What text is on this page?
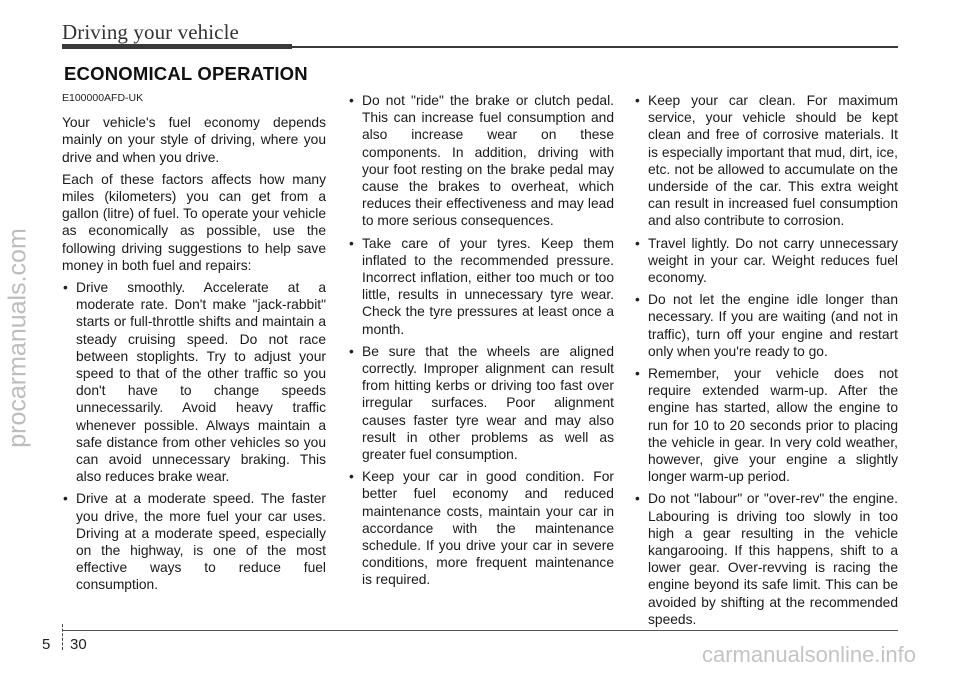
Driving your vehicle
ECONOMICAL OPERATION

E100000AFD-UK

Your vehicle's fuel economy depends mainly on your style of driving, where you drive and when you drive.

Each of these factors affects how many miles (kilometers) you can get from a gallon (litre) of fuel. To operate your vehicle as economically as possible, use the following driving suggestions to help save money in both fuel and repairs:

• Drive smoothly. Accelerate at a moderate rate. Don't make "jack-rabbit" starts or full-throttle shifts and maintain a steady cruising speed. Do not race between stoplights. Try to adjust your speed to that of the other traffic so you don't have to change speeds unnecessarily. Avoid heavy traffic whenever possible. Always maintain a safe distance from other vehicles so you can avoid unnecessary braking. This also reduces brake wear.
• Drive at a moderate speed. The faster you drive, the more fuel your car uses. Driving at a moderate speed, especially on the highway, is one of the most effective ways to reduce fuel consumption.
• Do not "ride" the brake or clutch pedal. This can increase fuel consumption and also increase wear on these components. In addition, driving with your foot resting on the brake pedal may cause the brakes to overheat, which reduces their effectiveness and may lead to more serious consequences.
• Take care of your tyres. Keep them inflated to the recommended pressure. Incorrect inflation, either too much or too little, results in unnecessary tyre wear. Check the tyre pressures at least once a month.
• Be sure that the wheels are aligned correctly. Improper alignment can result from hitting kerbs or driving too fast over irregular surfaces. Poor alignment causes faster tyre wear and may also result in other problems as well as greater fuel consumption.
• Keep your car in good condition. For better fuel economy and reduced maintenance costs, maintain your car in accordance with the maintenance schedule. If you drive your car in severe conditions, more frequent maintenance is required.
• Keep your car clean. For maximum service, your vehicle should be kept clean and free of corrosive materials. It is especially important that mud, dirt, ice, etc. not be allowed to accumulate on the underside of the car. This extra weight can result in increased fuel consumption and also contribute to corrosion.
• Travel lightly. Do not carry unnecessary weight in your car. Weight reduces fuel economy.
• Do not let the engine idle longer than necessary. If you are waiting (and not in traffic), turn off your engine and restart only when you're ready to go.
• Remember, your vehicle does not require extended warm-up. After the engine has started, allow the engine to run for 10 to 20 seconds prior to placing the vehicle in gear. In very cold weather, however, give your engine a slightly longer warm-up period.
• Do not "labour" or "over-rev" the engine. Labouring is driving too slowly in too high a gear resulting in the vehicle kangarooing. If this happens, shift to a lower gear. Over-revving is racing the engine beyond its safe limit. This can be avoided by shifting at the recommended speeds.
procarmanuals.com
carmanualsonline.info
5 30
